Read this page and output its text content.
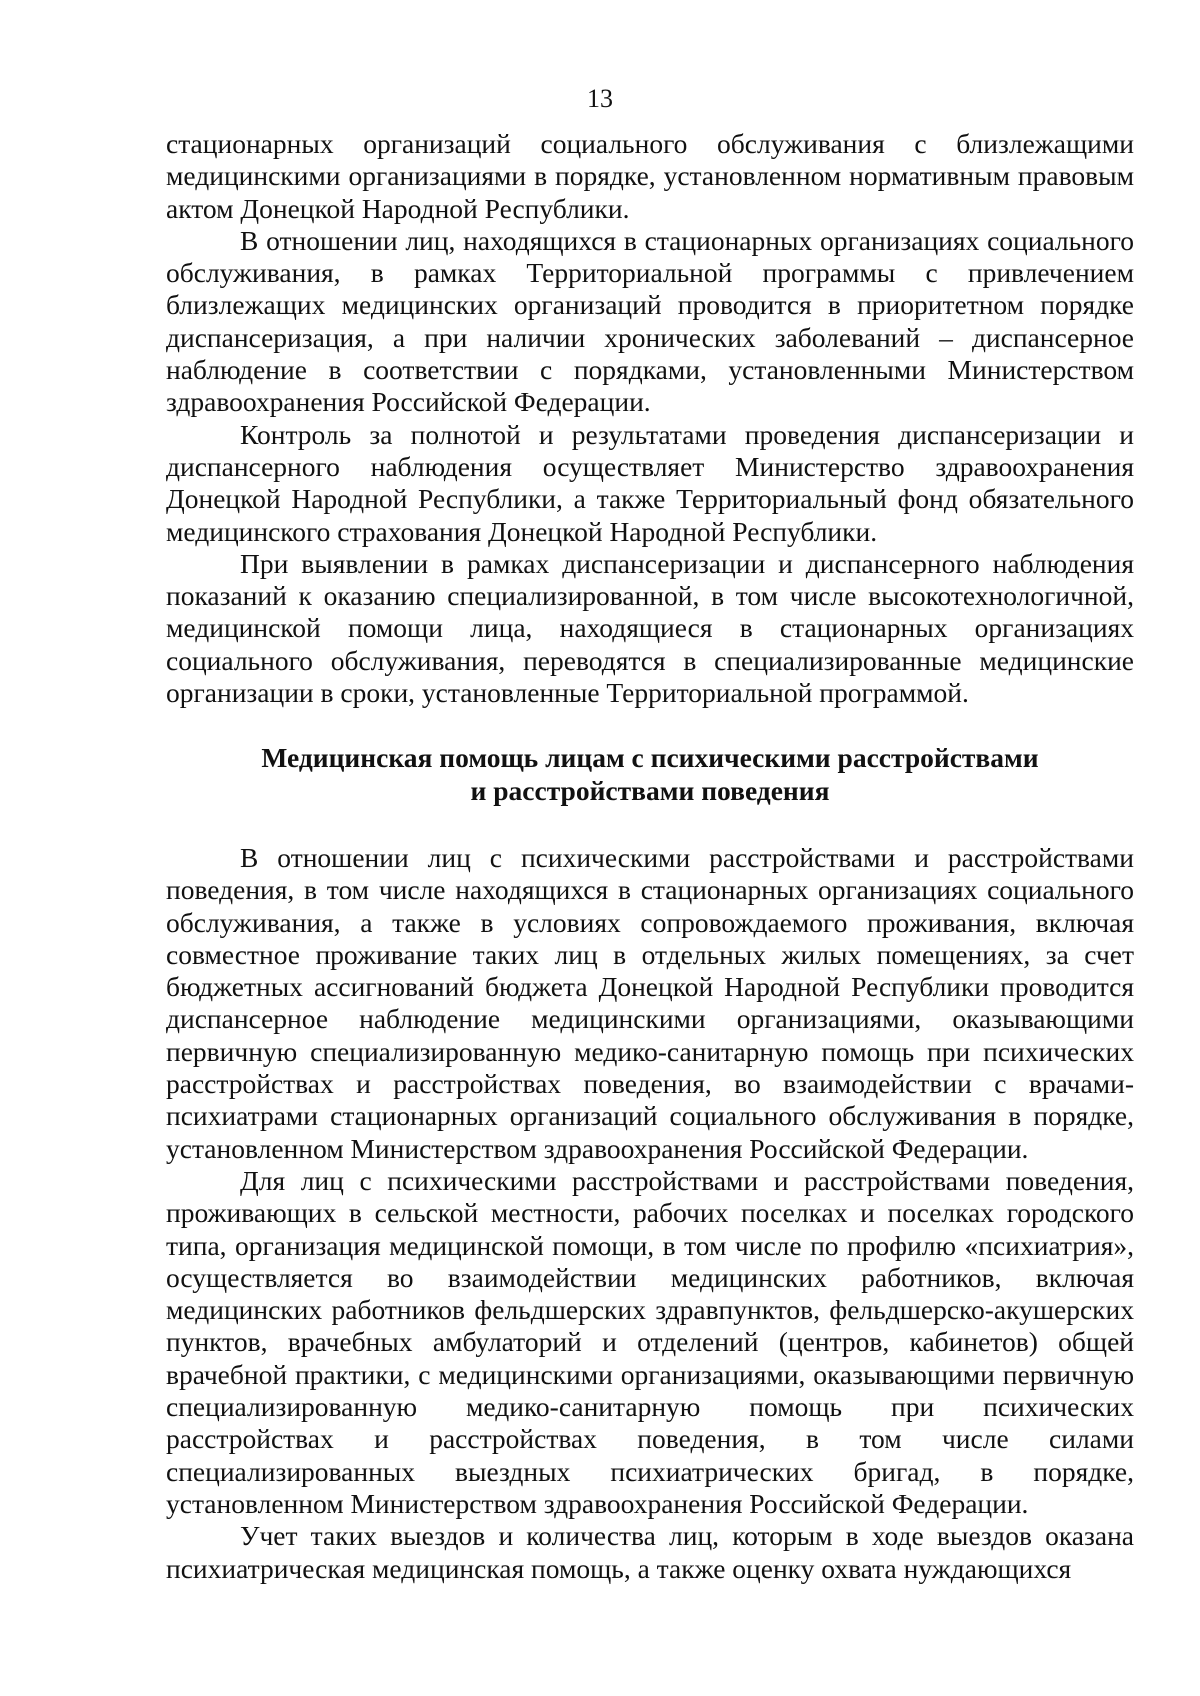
13

стационарных организаций социального обслуживания с близлежащими медицинскими организациями в порядке, установленном нормативным правовым актом Донецкой Народной Республики.

В отношении лиц, находящихся в стационарных организациях социального обслуживания, в рамках Территориальной программы с привлечением близлежащих медицинских организаций проводится в приоритетном порядке диспансеризация, а при наличии хронических заболеваний – диспансерное наблюдение в соответствии с порядками, установленными Министерством здравоохранения Российской Федерации.

Контроль за полнотой и результатами проведения диспансеризации и диспансерного наблюдения осуществляет Министерство здравоохранения Донецкой Народной Республики, а также Территориальный фонд обязательного медицинского страхования Донецкой Народной Республики.

При выявлении в рамках диспансеризации и диспансерного наблюдения показаний к оказанию специализированной, в том числе высокотехнологичной, медицинской помощи лица, находящиеся в стационарных организациях социального обслуживания, переводятся в специализированные медицинские организации в сроки, установленные Территориальной программой.

Медицинская помощь лицам с психическими расстройствами
и расстройствами поведения

В отношении лиц с психическими расстройствами и расстройствами поведения, в том числе находящихся в стационарных организациях социального обслуживания, а также в условиях сопровождаемого проживания, включая совместное проживание таких лиц в отдельных жилых помещениях, за счет бюджетных ассигнований бюджета Донецкой Народной Республики проводится диспансерное наблюдение медицинскими организациями, оказывающими первичную специализированную медико-санитарную помощь при психических расстройствах и расстройствах поведения, во взаимодействии с врачами-психиатрами стационарных организаций социального обслуживания в порядке, установленном Министерством здравоохранения Российской Федерации.

Для лиц с психическими расстройствами и расстройствами поведения, проживающих в сельской местности, рабочих поселках и поселках городского типа, организация медицинской помощи, в том числе по профилю «психиатрия», осуществляется во взаимодействии медицинских работников, включая медицинских работников фельдшерских здравпунктов, фельдшерско-акушерских пунктов, врачебных амбулаторий и отделений (центров, кабинетов) общей врачебной практики, с медицинскими организациями, оказывающими первичную специализированную медико-санитарную помощь при психических расстройствах и расстройствах поведения, в том числе силами специализированных выездных психиатрических бригад, в порядке, установленном Министерством здравоохранения Российской Федерации.

Учет таких выездов и количества лиц, которым в ходе выездов оказана психиатрическая медицинская помощь, а также оценку охвата нуждающихся
